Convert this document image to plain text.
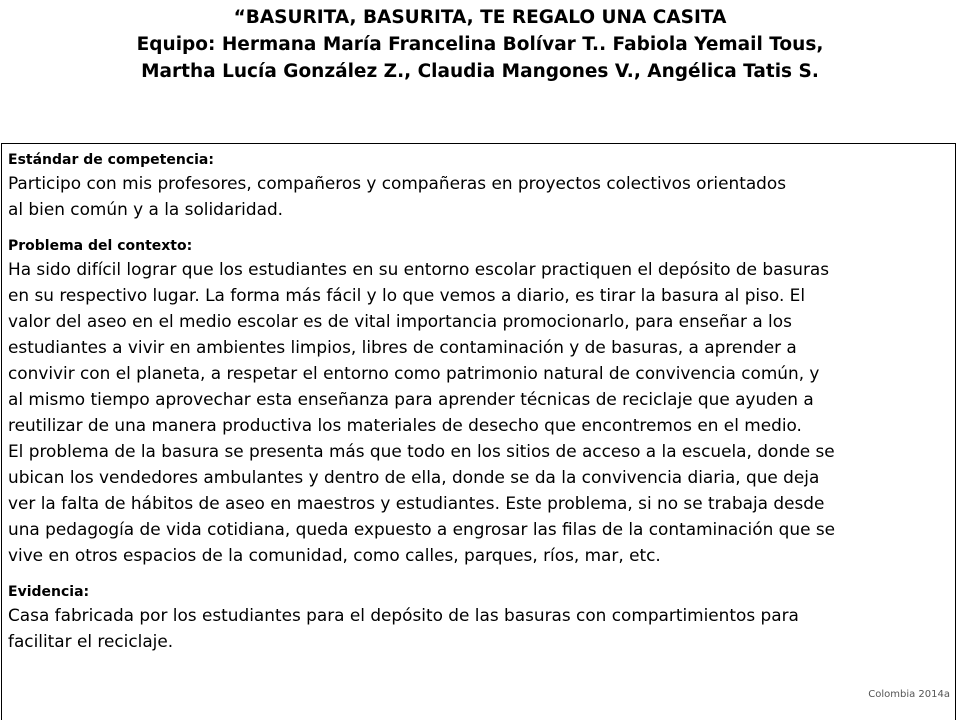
“BASURITA, BASURITA, TE REGALO UNA CASITA
Equipo: Hermana María Francelina Bolívar T.. Fabiola Yemail Tous,
Martha Lucía González Z., Claudia Mangones V., Angélica Tatis S.
Estándar de competencia:
Participo con mis profesores, compañeros y compañeras en proyectos colectivos orientados
al bien común y a la solidaridad.
Problema del contexto:
Ha sido difícil lograr que los estudiantes en su entorno escolar practiquen el depósito de basuras
en su respectivo lugar. La forma más fácil y lo que vemos a diario, es tirar la basura al piso. El
valor del aseo en el medio escolar es de vital importancia promocionarlo, para enseñar a los
estudiantes a vivir en ambientes limpios, libres de contaminación y de basuras, a aprender a
convivir con el planeta, a respetar el entorno como patrimonio natural de convivencia común, y
al mismo tiempo aprovechar esta enseñanza para aprender técnicas de reciclaje que ayuden a
reutilizar de una manera productiva los materiales de desecho que encontremos en el medio.
El problema de la basura se presenta más que todo en los sitios de acceso a la escuela, donde se
ubican los vendedores ambulantes y dentro de ella, donde se da la convivencia diaria, que deja
ver la falta de hábitos de aseo en maestros y estudiantes. Este problema, si no se trabaja desde
una pedagogía de vida cotidiana, queda expuesto a engrosar las filas de la contaminación que se
vive en otros espacios de la comunidad, como calles, parques, ríos, mar, etc.
Evidencia:
Casa fabricada por los estudiantes para el depósito de las basuras con compartimientos para
facilitar el reciclaje.
Colombia 2014a
